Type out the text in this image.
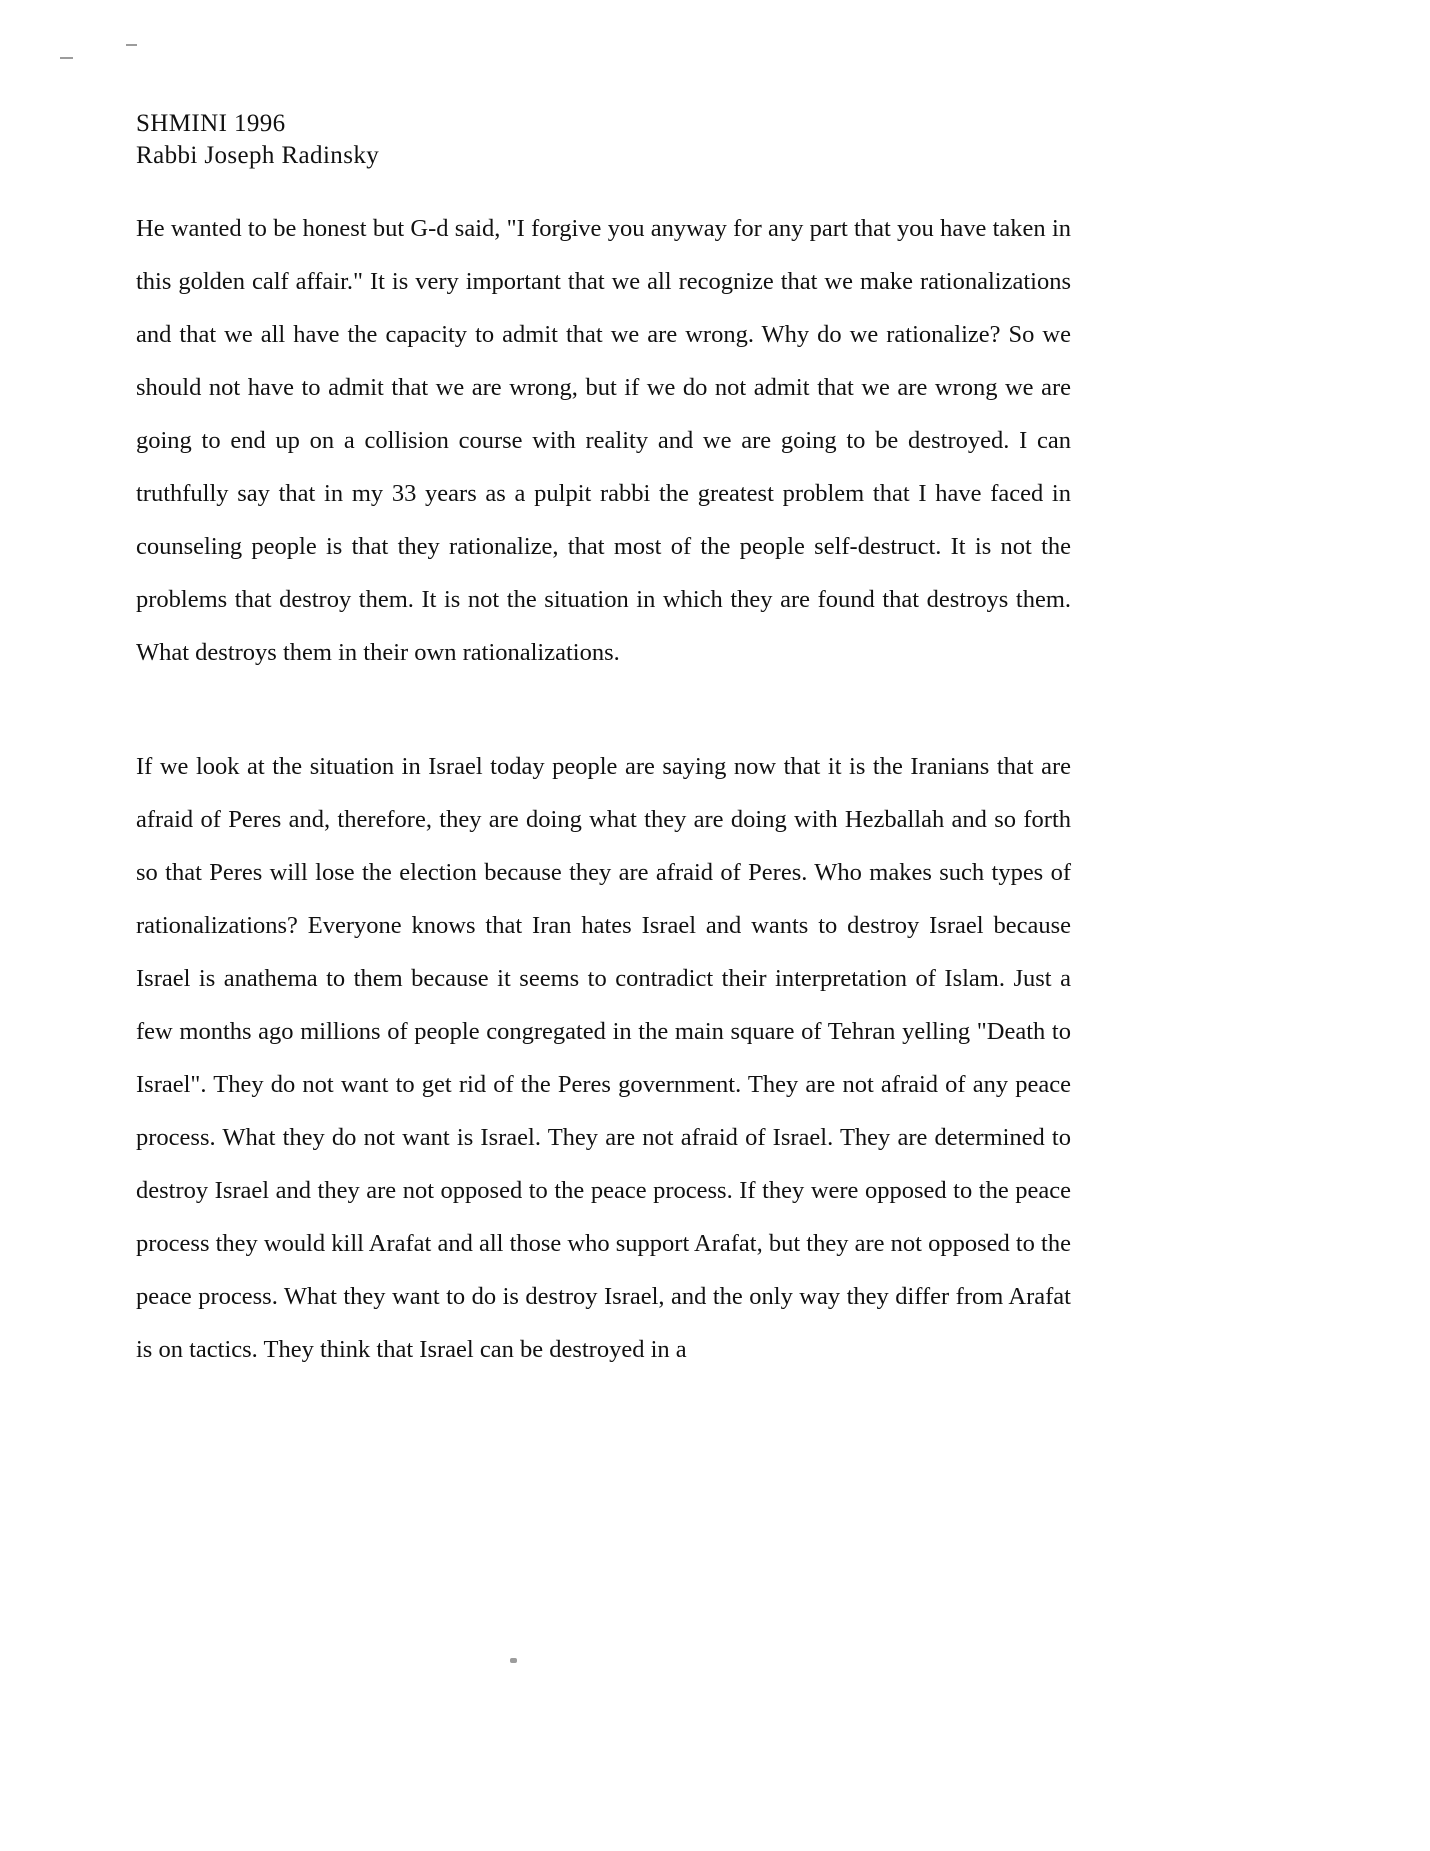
SHMINI 1996
Rabbi Joseph Radinsky

He wanted to be honest but G-d said, "I forgive you anyway for any part that you have taken in this golden calf affair." It is very important that we all recognize that we make rationalizations and that we all have the capacity to admit that we are wrong. Why do we rationalize? So we should not have to admit that we are wrong, but if we do not admit that we are wrong we are going to end up on a collision course with reality and we are going to be destroyed. I can truthfully say that in my 33 years as a pulpit rabbi the greatest problem that I have faced in counseling people is that they rationalize, that most of the people self-destruct. It is not the problems that destroy them. It is not the situation in which they are found that destroys them. What destroys them in their own rationalizations.

If we look at the situation in Israel today people are saying now that it is the Iranians that are afraid of Peres and, therefore, they are doing what they are doing with Hezballah and so forth so that Peres will lose the election because they are afraid of Peres. Who makes such types of rationalizations? Everyone knows that Iran hates Israel and wants to destroy Israel because Israel is anathema to them because it seems to contradict their interpretation of Islam. Just a few months ago millions of people congregated in the main square of Tehran yelling "Death to Israel". They do not want to get rid of the Peres government. They are not afraid of any peace process. What they do not want is Israel. They are not afraid of Israel. They are determined to destroy Israel and they are not opposed to the peace process. If they were opposed to the peace process they would kill Arafat and all those who support Arafat, but they are not opposed to the peace process. What they want to do is destroy Israel, and the only way they differ from Arafat is on tactics. They think that Israel can be destroyed in a
